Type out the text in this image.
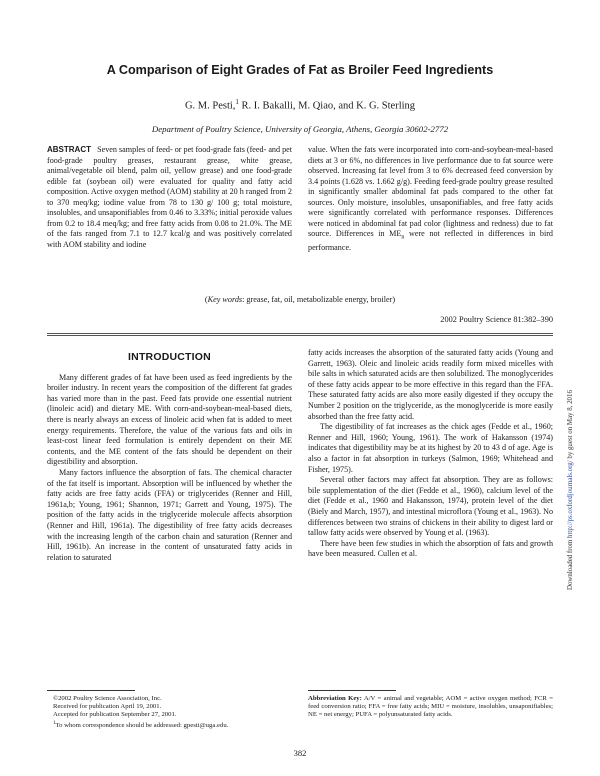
A Comparison of Eight Grades of Fat as Broiler Feed Ingredients
G. M. Pesti,$^1$ R. I. Bakalli, M. Qiao, and K. G. Sterling
Department of Poultry Science, University of Georgia, Athens, Georgia 30602-2772
ABSTRACT Seven samples of feed- or pet food-grade fats (feed- and pet food-grade poultry greases, restaurant grease, white grease, animal/vegetable oil blend, palm oil, yellow grease) and one food-grade edible fat (soybean oil) were evaluated for quality and fatty acid composition. Active oxygen method (AOM) stability at 20 h ranged from 2 to 370 meq/kg; iodine value from 78 to 130 g/ 100 g; total moisture, insolubles, and unsaponifiables from 0.46 to 3.33%; initial peroxide values from 0.2 to 18.4 meq/kg; and free fatty acids from 0.08 to 21.0%. The ME of the fats ranged from 7.1 to 12.7 kcal/g and was positively correlated with AOM stability and iodine
value. When the fats were incorporated into corn-and-soybean-meal-based diets at 3 or 6%, no differences in live performance due to fat source were observed. Increasing fat level from 3 to 6% decreased feed conversion by 3.4 points (1.628 vs. 1.662 g/g). Feeding feed-grade poultry grease resulted in significantly smaller abdominal fat pads compared to the other fat sources. Only moisture, insolubles, unsaponifiables, and free fatty acids were significantly correlated with performance responses. Differences were noticed in abdominal fat pad color (lightness and redness) due to fat source. Differences in $ME_n$ were not reflected in differences in bird performance.
(Key words: grease, fat, oil, metabolizable energy, broiler)
2002 Poultry Science 81:382–390
INTRODUCTION

Many different grades of fat have been used as feed ingredients by the broiler industry. In recent years the composition of the different fat grades has varied more than in the past. Feed fats provide one essential nutrient (linoleic acid) and dietary ME. With corn-and-soybean-meal-based diets, there is nearly always an excess of linoleic acid when fat is added to meet energy requirements. Therefore, the value of the various fats and oils in least-cost linear feed formulation is entirely dependent on their ME contents, and the ME content of the fats should be dependent on their digestibility and absorption.

Many factors influence the absorption of fats. The chemical character of the fat itself is important. Absorption will be influenced by whether the fatty acids are free fatty acids (FFA) or triglycerides (Renner and Hill, 1961a,b; Young, 1961; Shannon, 1971; Garrett and Young, 1975). The position of the fatty acids in the triglyceride molecule affects absorption (Renner and Hill, 1961a). The digestibility of free fatty acids decreases with the increasing length of the carbon chain and saturation (Renner and Hill, 1961b). An increase in the content of unsaturated fatty acids in relation to saturated

fatty acids increases the absorption of the saturated fatty acids (Young and Garrett, 1963). Oleic and linoleic acids readily form mixed micelles with bile salts in which saturated acids are then solubilized. The monoglycerides of these fatty acids appear to be more effective in this regard than the FFA. These saturated fatty acids are also more easily digested if they occupy the Number 2 position on the triglyceride, as the monoglyceride is more easily absorbed than the free fatty acid.

The digestibility of fat increases as the chick ages (Fedde et al., 1960; Renner and Hill, 1960; Young, 1961). The work of Hakansson (1974) indicates that digestibility may be at its highest by 20 to 43 d of age. Age is also a factor in fat absorption in turkeys (Salmon, 1969; Whitehead and Fisher, 1975).

Several other factors may affect fat absorption. They are as follows: bile supplementation of the diet (Fedde et al., 1960), calcium level of the diet (Fedde et al., 1960 and Hakansson, 1974), protein level of the diet (Biely and March, 1957), and intestinal microflora (Young et al., 1963). No differences between two strains of chickens in their ability to digest lard or tallow fatty acids were observed by Young et al. (1963).

There have been few studies in which the absorption of fats and growth have been measured. Cullen et al.

©2002 Poultry Science Association, Inc.
Received for publication April 19, 2001.
Accepted for publication September 27, 2001.
$^1$To whom correspondence should be addressed: gpesti@uga.edu.
Abbreviation Key: A/V = animal and vegetable; AOM = active oxygen method; FCR = feed conversion ratio; FFA = free fatty acids; MIU = moisture, insolubles, unsaponifiables; NE = net energy; PUFA = polyunsaturated fatty acids.
382
Downloaded from http://ps.oxfordjournals.org/ by guest on May 8, 2016
